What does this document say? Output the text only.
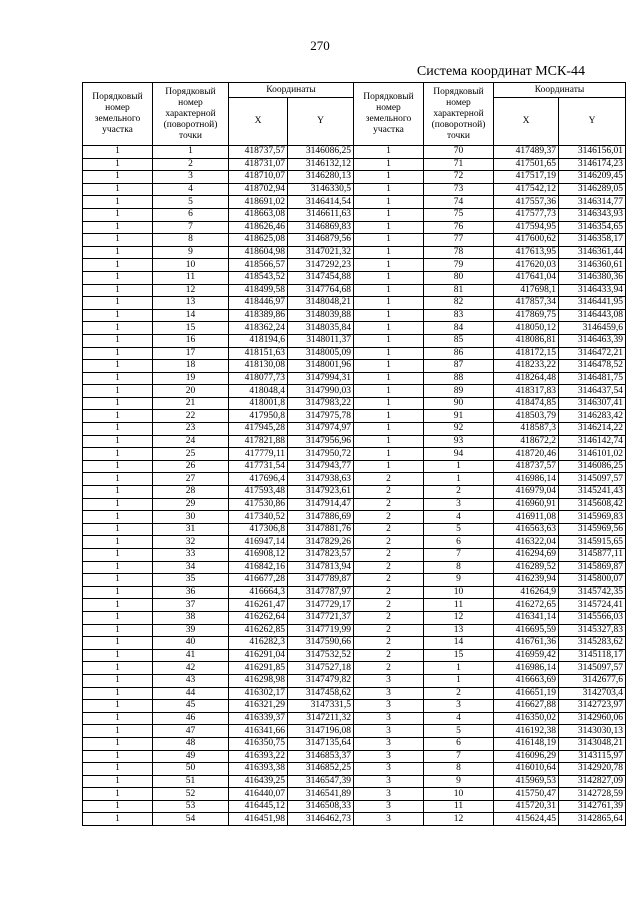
270
Система координат МСК-44
Порядковый номер земельного участка	Порядковый номер характерной (поворотной) точки	Координаты		Порядковый номер земельного участка	Порядковый номер характерной (поворотной) точки	Координаты	
		X	Y			X	Y
1	1	418737,57	3146086,25	1	70	417489,37	3146156,01
1	2	418731,07	3146132,12	1	71	417501,65	3146174,23
1	3	418710,07	3146280,13	1	72	417517,19	3146209,45
1	4	418702,94	3146330,5	1	73	417542,12	3146289,05
1	5	418691,02	3146414,54	1	74	417557,36	3146314,77
1	6	418663,08	3146611,63	1	75	417577,73	3146343,93
1	7	418626,46	3146869,83	1	76	417594,95	3146354,65
1	8	418625,08	3146879,56	1	77	417600,62	3146358,17
1	9	418604,98	3147021,32	1	78	417613,95	3146361,44
1	10	418566,57	3147292,23	1	79	417620,03	3146360,61
1	11	418543,52	3147454,88	1	80	417641,04	3146380,36
1	12	418499,58	3147764,68	1	81	417698,1	3146433,94
1	13	418446,97	3148048,21	1	82	417857,34	3146441,95
1	14	418389,86	3148039,88	1	83	417869,75	3146443,08
1	15	418362,24	3148035,84	1	84	418050,12	3146459,6
1	16	418194,6	3148011,37	1	85	418086,81	3146463,39
1	17	418151,63	3148005,09	1	86	418172,15	3146472,21
1	18	418130,08	3148001,96	1	87	418233,22	3146478,52
1	19	418077,73	3147994,31	1	88	418264,48	3146481,75
1	20	418048,4	3147990,03	1	89	418317,83	3146437,54
1	21	418001,8	3147983,22	1	90	418474,85	3146307,41
1	22	417950,8	3147975,78	1	91	418503,79	3146283,42
1	23	417945,28	3147974,97	1	92	418587,3	3146214,22
1	24	417821,88	3147956,96	1	93	418672,2	3146142,74
1	25	417779,11	3147950,72	1	94	418720,46	3146101,02
1	26	417731,54	3147943,77	1	1	418737,57	3146086,25
1	27	417696,4	3147938,63	2	1	416986,14	3145097,57
1	28	417593,48	3147923,61	2	2	416979,04	3145241,43
1	29	417530,86	3147914,47	2	3	416960,91	3145608,42
1	30	417340,52	3147886,69	2	4	416911,08	3145969,83
1	31	417306,8	3147881,76	2	5	416563,63	3145969,56
1	32	416947,14	3147829,26	2	6	416322,04	3145915,65
1	33	416908,12	3147823,57	2	7	416294,69	3145877,11
1	34	416842,16	3147813,94	2	8	416289,52	3145869,87
1	35	416677,28	3147789,87	2	9	416239,94	3145800,07
1	36	416664,3	3147787,97	2	10	416264,9	3145742,35
1	37	416261,47	3147729,17	2	11	416272,65	3145724,41
1	38	416262,64	3147721,37	2	12	416341,14	3145566,03
1	39	416262,85	3147719,99	2	13	416695,59	3145327,83
1	40	416282,3	3147590,66	2	14	416761,36	3145283,62
1	41	416291,04	3147532,52	2	15	416959,42	3145118,17
1	42	416291,85	3147527,18	2	1	416986,14	3145097,57
1	43	416298,98	3147479,82	3	1	416663,69	3142677,6
1	44	416302,17	3147458,62	3	2	416651,19	3142703,4
1	45	416321,29	3147331,5	3	3	416627,88	3142723,97
1	46	416339,37	3147211,32	3	4	416350,02	3142960,06
1	47	416341,66	3147196,08	3	5	416192,38	3143030,13
1	48	416350,75	3147135,64	3	6	416148,19	3143048,21
1	49	416393,22	3146853,37	3	7	416096,29	3143115,97
1	50	416393,38	3146852,25	3	8	416010,64	3142920,78
1	51	416439,25	3146547,39	3	9	415969,53	3142827,09
1	52	416440,07	3146541,89	3	10	415750,47	3142728,59
1	53	416445,12	3146508,33	3	11	415720,31	3142761,39
1	54	416451,98	3146462,73	3	12	415624,45	3142865,64
